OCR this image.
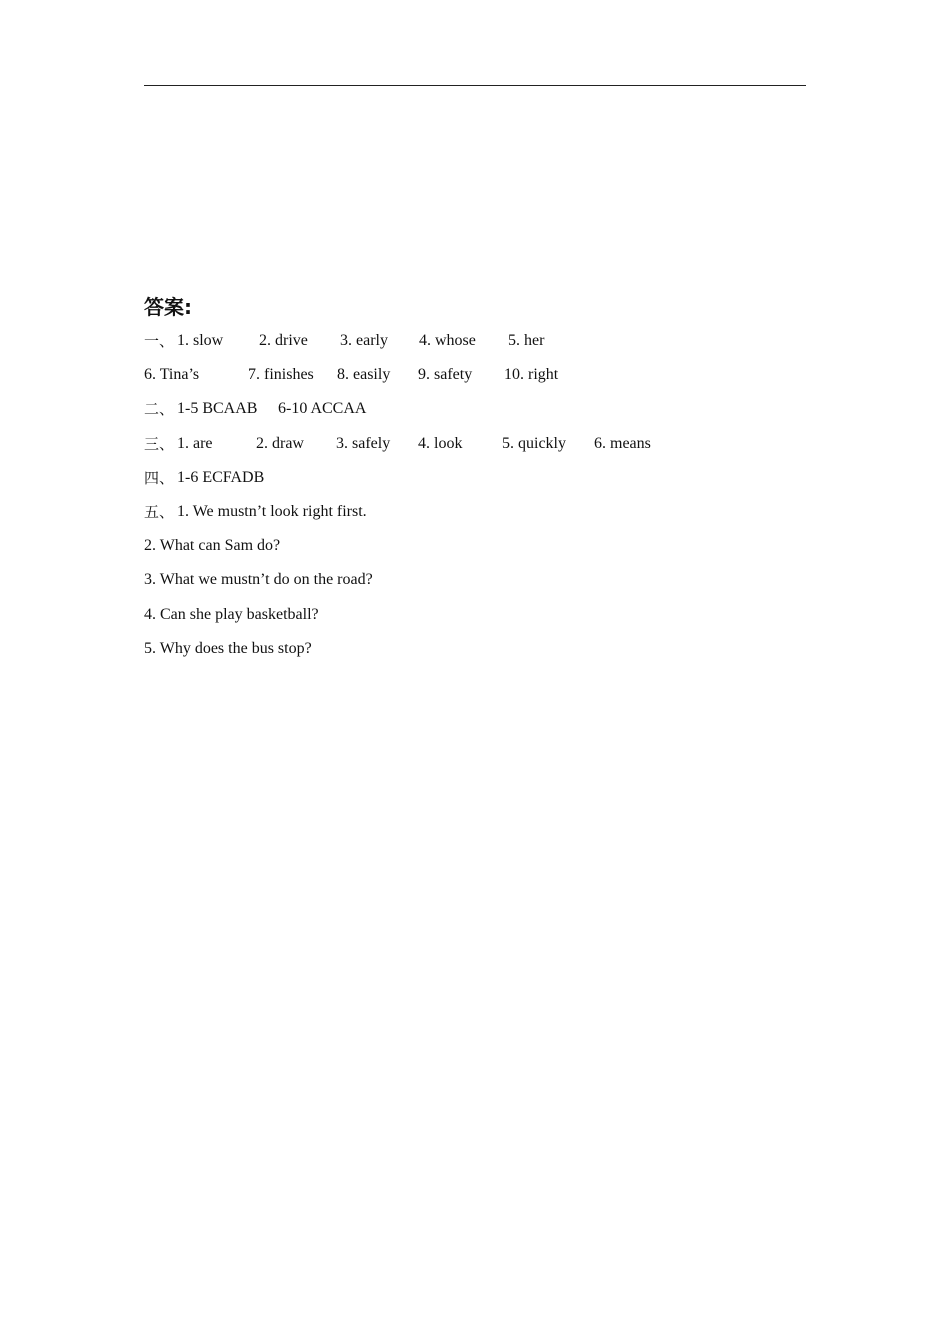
答案:
一、 1. slow 2. drive 3. early 4. whose 5. her
6. Tina’s	7. finishes 8. easily 9. safety 10. right
二、 1-5 BCAAB 6-10 ACCAA
三、 1. are	2. draw 3. safely 4. look 5. quickly 6. means
四、 1-6 ECFADB
五、 1. We mustn’t look right first.
2. What can Sam do?
3. What we mustn’t do on the road?
4. Can she play basketball?
5. Why does the bus stop?
